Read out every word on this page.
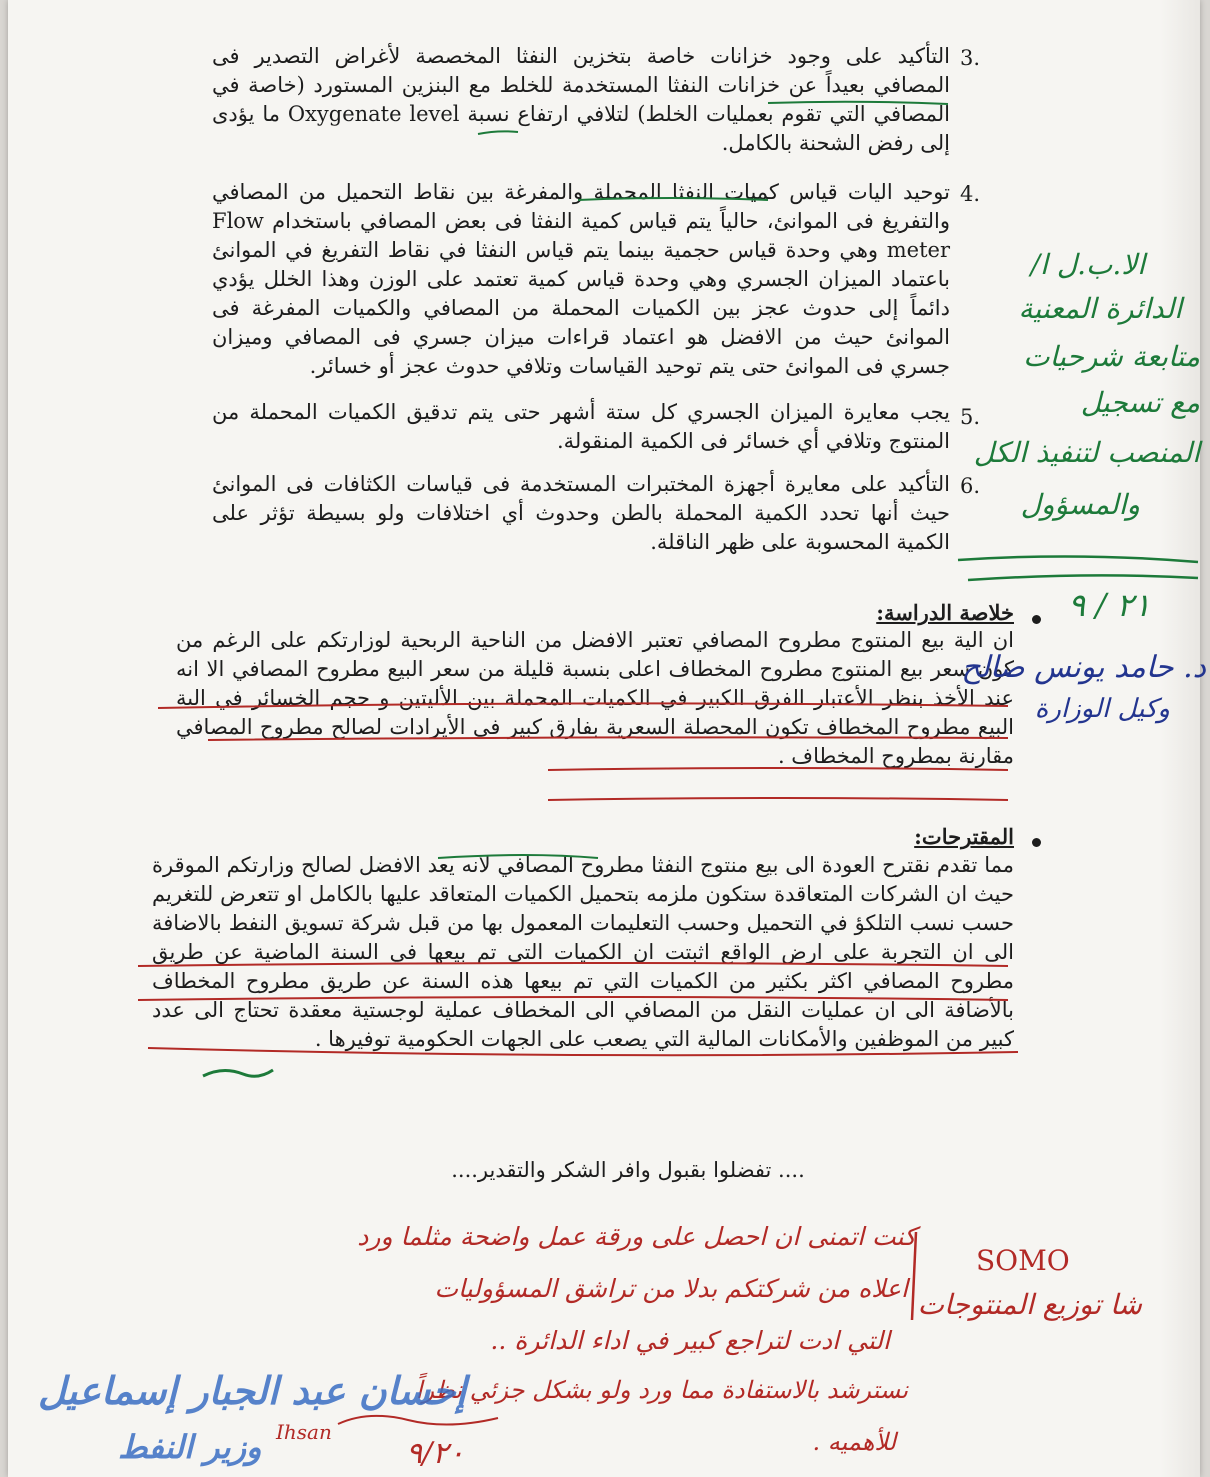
3.
التأكيد على وجود خزانات خاصة بتخزين النفثا المخصصة لأغراض التصدير فى المصافي بعيداً عن خزانات النفثا المستخدمة للخلط مع البنزين المستورد (خاصة في المصافي التي تقوم بعمليات الخلط) لتلافي ارتفاع نسبة Oxygenate level ما يؤدى إلى رفض الشحنة بالكامل.
4.
توحيد اليات قياس كميات النفثا المحملة والمفرغة بين نقاط التحميل من المصافي والتفريغ فى الموانئ، حالياً يتم قياس كمية النفثا فى بعض المصافي باستخدام Flow meter وهي وحدة قياس حجمية بينما يتم قياس النفثا في نقاط التفريغ في الموانئ باعتماد الميزان الجسري وهي وحدة قياس كمية تعتمد على الوزن وهذا الخلل يؤدي دائماً إلى حدوث عجز بين الكميات المحملة من المصافي والكميات المفرغة فى الموانئ حيث من الافضل هو اعتماد قراءات ميزان جسري فى المصافي وميزان جسري فى الموانئ حتى يتم توحيد القياسات وتلافي حدوث عجز أو خسائر.
5.
يجب معايرة الميزان الجسري كل ستة أشهر حتى يتم تدقيق الكميات المحملة من المنتوج وتلافي أي خسائر فى الكمية المنقولة.
6.
التأكيد على معايرة أجهزة المختبرات المستخدمة فى قياسات الكثافات فى الموانئ حيث أنها تحدد الكمية المحملة بالطن وحدوث أي اختلافات ولو بسيطة تؤثر على الكمية المحسوبة على ظهر الناقلة.
خلاصة الدراسة:
ان الية بيع المنتوج مطروح المصافي تعتبر الافضل من الناحية الربحية لوزارتكم على الرغم من كون سعر بيع المنتوج مطروح المخطاف اعلى بنسبة قليلة من سعر البيع مطروح المصافي الا انه عند الأخذ بنظر الأعتبار الفرق الكبير في الكميات المحملة بين الأليتين و حجم الخسائر في الية البيع مطروح المخطاف تكون المحصلة السعرية بفارق كبير في الأيرادات لصالح مطروح المصافي مقارنة بمطروح المخطاف .
المقترحات:
مما تقدم نقترح العودة الى بيع منتوج النفثا مطروح المصافي لانه يعد الافضل لصالح وزارتكم الموقرة حيث ان الشركات المتعاقدة ستكون ملزمه بتحميل الكميات المتعاقد عليها بالكامل او تتعرض للتغريم حسب نسب التلكؤ في التحميل وحسب التعليمات المعمول بها من قبل شركة تسويق النفط بالاضافة الى ان التجربة على ارض الواقع اثبتت ان الكميات التي تم بيعها في السنة الماضية عن طريق مطروح المصافي اكثر بكثير من الكميات التي تم بيعها هذه السنة عن طريق مطروح المخطاف بالأضافة الى ان عمليات النقل من المصافي الى المخطاف عملية لوجستية معقدة تحتاج الى عدد كبير من الموظفين والأمكانات المالية التي يصعب على الجهات الحكومية توفيرها .
.... تفضلوا بقبول وافر الشكر والتقدير....
الا.ب.ل ا/
الدائرة المعنية
متابعة شرحيات
مع تسجيل
المنصب لتنفيذ الكل
والمسؤول
٢١ / ٩
د. حامد يونس صالح
وكيل الوزارة
كنت اتمنى ان احصل على ورقة عمل واضحة مثلما ورد
اعلاه من شركتكم بدلا من تراشق المسؤوليات
التي ادت لتراجع كبير في اداء الدائرة ..
نسترشد بالاستفادة مما ورد ولو بشكل جزئي نظراً
للأهميه .
SOMO
شا توزيع المنتوجات
Ihsan
٩/٢٠
إحسان عبد الجبار إسماعيل
وزير النفط
